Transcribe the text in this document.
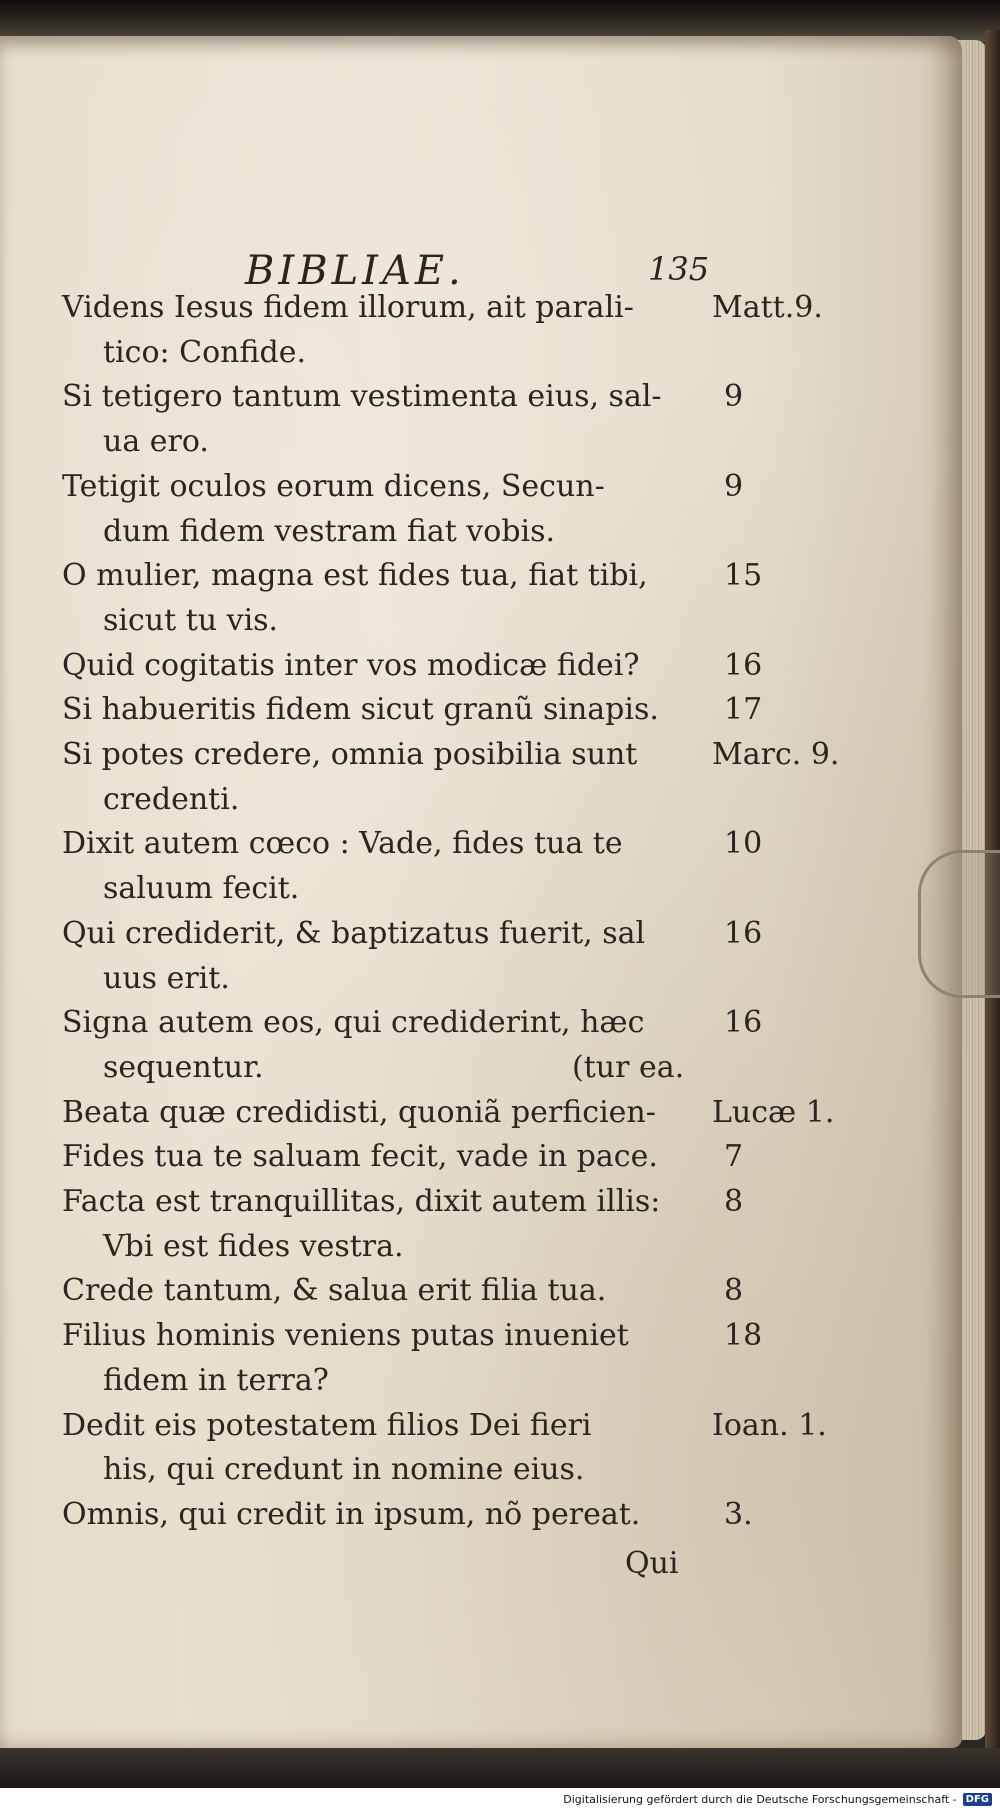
BIBLIAE.	135
Videns Iesus fidem illorum, ait parali-	Matt.9.
tico: Confide.
Si tetigero tantum vestimenta eius, sal- 9
ua ero.
Tetigit oculos eorum dicens, Secun-	9
dum fidem vestram fiat vobis.
O mulier, magna est fides tua, fiat tibi,	15
sicut tu vis.
Quid cogitatis inter vos modicæ fidei?	16
Si habueritis fidem sicut granũ sinapis. 17
Si potes credere, omnia posibilia sunt Marc. 9.
credenti.
Dixit autem cœco : Vade, fides tua te	10
saluum fecit.
Qui crediderit, & baptizatus fuerit, sal	16
uus erit.
Signa autem eos, qui crediderint, hæc	16
sequentur.	(tur ea.
Beata quæ credidisti, quoniã perficien- Lucæ 1.
Fides tua te saluam fecit, vade in pace. 7
Facta est tranquillitas, dixit autem illis: 8
Vbi est fides vestra.
Crede tantum, & salua erit filia tua.	8
Filius hominis veniens putas inueniet	18
fidem in terra?
Dedit eis potestatem filios Dei fieri	Ioan. 1.
his, qui credunt in nomine eius.
Omnis, qui credit in ipsum, nõ pereat.	3.
Qui
Digitalisierung gefördert durch die Deutsche Forschungsgemeinschaft - DFG
